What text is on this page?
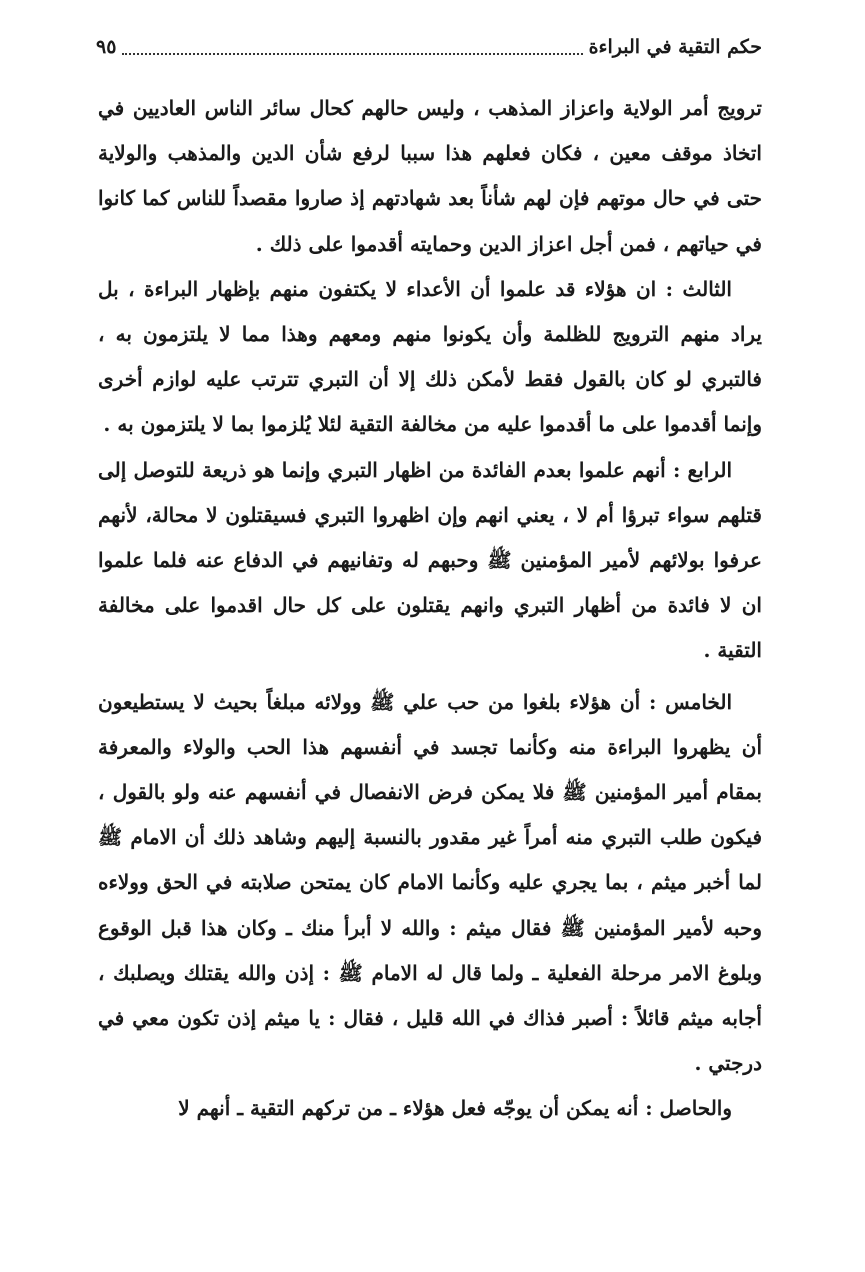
حكم التقية في البراءة
٩٥

ترويج أمر الولاية واعزاز المذهب ، وليس حالهم كحال سائر الناس العاديين في اتخاذ موقف معين ، فكان فعلهم هذا سببا لرفع شأن الدين والمذهب والولاية حتى في حال موتهم فإن لهم شأناً بعد شهادتهم إذ صاروا مقصداً للناس كما كانوا في حياتهم ، فمن أجل اعزاز الدين وحمايته أقدموا على ذلك .

الثالث : ان هؤلاء قد علموا أن الأعداء لا يكتفون منهم بإظهار البراءة ، بل يراد منهم الترويج للظلمة وأن يكونوا منهم ومعهم وهذا مما لا يلتزمون به ، فالتبري لو كان بالقول فقط لأمكن ذلك إلا أن التبري تترتب عليه لوازم أخرى وإنما أقدموا على ما أقدموا عليه من مخالفة التقية لئلا يُلزموا بما لا يلتزمون به .

الرابع : أنهم علموا بعدم الفائدة من اظهار التبري وإنما هو ذريعة للتوصل إلى قتلهم سواء تبرؤا أم لا ، يعني انهم وإن اظهروا التبري فسيقتلون لا محالة، لأنهم عرفوا بولائهم لأمير المؤمنين ﷺ وحبهم له وتفانيهم في الدفاع عنه فلما علموا ان لا فائدة من أظهار التبري وانهم يقتلون على كل حال اقدموا على مخالفة التقية .

الخامس : أن هؤلاء بلغوا من حب علي ﷺ وولائه مبلغاً بحيث لا يستطيعون أن يظهروا البراءة منه وكأنما تجسد في أنفسهم هذا الحب والولاء والمعرفة بمقام أمير المؤمنين ﷺ فلا يمكن فرض الانفصال في أنفسهم عنه ولو بالقول ، فيكون طلب التبري منه أمراً غير مقدور بالنسبة إليهم وشاهد ذلك أن الامام ﷺ لما أخبر ميثم ، بما يجري عليه وكأنما الامام كان يمتحن صلابته في الحق وولاءه وحبه لأمير المؤمنين ﷺ فقال ميثم : والله لا أبرأ منك ـ وكان هذا قبل الوقوع وبلوغ الامر مرحلة الفعلية ـ ولما قال له الامام ﷺ : إذن والله يقتلك ويصلبك ، أجابه ميثم قائلاً : أصبر فذاك في الله قليل ، فقال : يا ميثم إذن تكون معي في درجتي .

والحاصل : أنه يمكن أن يوجّه فعل هؤلاء ـ من تركهم التقية ـ أنهم لا
